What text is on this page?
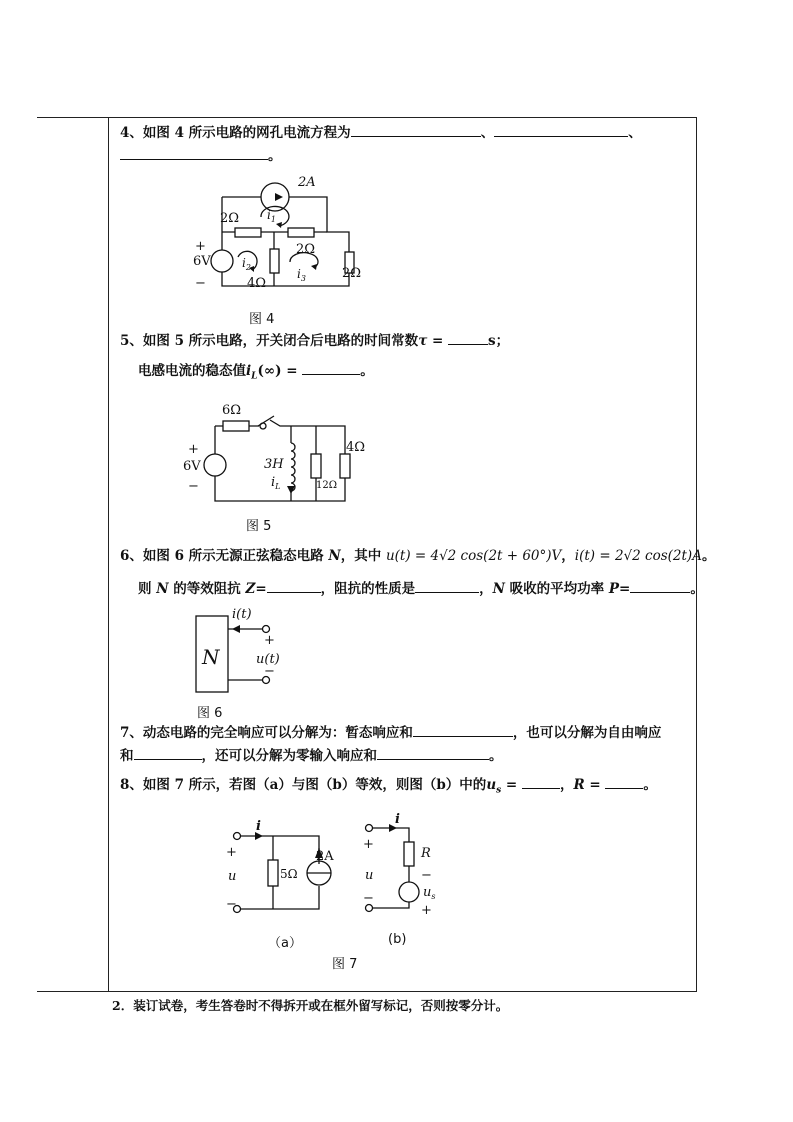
4、如图 4 所示电路的网孔电流方程为	、	、
。
2A
2Ω $i_1$
2Ω
6V
+
−
$i_2$
4Ω
$i_3$	2Ω
图 4
5、如图 5 所示电路，开关闭合后电路的时间常数τ =	s；
电感电流的稳态值$i_L(\infty)$ =	。
6Ω
6V
+
−
3H
$i_L$	12Ω
4Ω
图 5
6、如图 6 所示无源正弦稳态电路 N，其中 u(t) = 4√2 cos(2t + 60°)V，i(t) = 2√2 cos(2t)A。
则 N 的等效阻抗 Z=	，阻抗的性质是	，N 吸收的平均功率 P=	。
N
i(t)
+
u(t)
−
图 6
7、动态电路的完全响应可以分解为：暂态响应和	，也可以分解为自由响应
和	，还可以分解为零输入响应和	。
8、如图 7 所示，若图（a）与图（b）等效，则图（b）中的$u_s$ =	，R =	。
i
+
u
−
5Ω
2A
i
+
R
u
−
−
$u_s$
+
（a）	(b)
图 7
2．装订试卷，考生答卷时不得拆开或在框外留写标记，否则按零分计。
